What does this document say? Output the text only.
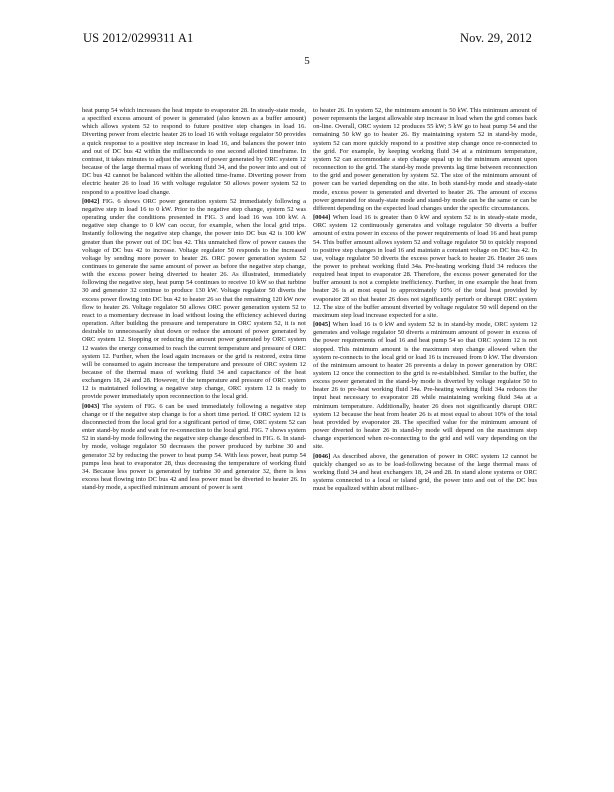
US 2012/0299311 A1	Nov. 29, 2012
5

heat pump 54 which increases the heat impute to evaporator 28. In steady-state mode, a specified excess amount of power is generated (also known as a buffer amount) which allows system 52 to respond to future positive step changes in load 16. Diverting power from electric heater 26 to load 16 with voltage regulator 50 provides a quick response to a positive step increase in load 16, and balances the power into and out of DC bus 42 within the milliseconds to one second allotted timeframe. In contrast, it takes minutes to adjust the amount of power generated by ORC system 12 because of the large thermal mass of working fluid 34, and the power into and out of DC bus 42 cannot be balanced within the allotted time-frame. Diverting power from electric heater 26 to load 16 with voltage regulator 50 allows power system 52 to respond to a positive load change.

[0042] FIG. 6 shows ORC power generation system 52 immediately following a negative step in load 16 to 0 kW. Prior to the negative step change, system 52 was operating under the conditions presented in FIG. 3 and load 16 was 100 kW. A negative step change to 0 kW can occur, for example, when the local grid trips. Instantly following the negative step change, the power into DC bus 42 is 100 kW greater than the power out of DC bus 42. This unmatched flow of power causes the voltage of DC bus 42 to increase. Voltage regulator 50 responds to the increased voltage by sending more power to heater 26. ORC power generation system 52 continues to generate the same amount of power as before the negative step change, with the excess power being diverted to heater 26. As illustrated, immediately following the negative step, heat pump 54 continues to receive 10 kW so that turbine 30 and generator 32 continue to produce 130 kW. Voltage regulator 50 diverts the excess power flowing into DC bus 42 to heater 26 so that the remaining 120 kW now flow to heater 26. Voltage regulator 50 allows ORC power generation system 52 to react to a momentary decrease in load without losing the efficiency achieved during operation. After building the pressure and temperature in ORC system 52, it is not desirable to unnecessarily shut down or reduce the amount of power generated by ORC system 12. Stopping or reducing the amount power generated by ORC system 12 wastes the energy consumed to reach the current temperature and pressure of ORC system 12. Further, when the load again increases or the grid is restored, extra time will be consumed to again increase the temperature and pressure of ORC system 12 because of the thermal mass of working fluid 34 and capacitance of the heat exchangers 18, 24 and 28. However, if the temperature and pressure of ORC system 12 is maintained following a negative step change, ORC system 12 is ready to provide power immediately upon reconnection to the local grid.

[0043] The system of FIG. 6 can be used immediately following a negative step change or if the negative step change is for a short time period. If ORC system 12 is disconnected from the local grid for a significant period of time, ORC system 52 can enter stand-by mode and wait for re-connection to the local grid. FIG. 7 shows system 52 in stand-by mode following the negative step change described in FIG. 6. In stand-by mode, voltage regulator 50 decreases the power produced by turbine 30 and generator 32 by reducing the power to heat pump 54. With less power, heat pump 54 pumps less heat to evaporator 28, thus decreasing the temperature of working fluid 34. Because less power is generated by turbine 30 and generator 32, there is less excess heat flowing into DC bus 42 and less power must be diverted to heater 26. In stand-by mode, a specified minimum amount of power is sent

to heater 26. In system 52, the minimum amount is 50 kW. This minimum amount of power represents the largest allowable step increase in load when the grid comes back on-line. Overall, ORC system 12 produces 55 kW; 5 kW go to heat pump 54 and the remaining 50 kW go to heater 26. By maintaining system 52 in stand-by mode, system 52 can more quickly respond to a positive step change once re-connected to the grid. For example, by keeping working fluid 34 at a minimum temperature, system 52 can accommodate a step change equal up to the minimum amount upon reconnection to the grid. The stand-by mode prevents lag time between reconnection to the grid and power generation by system 52. The size of the minimum amount of power can be varied depending on the site. In both stand-by mode and steady-state mode, excess power is generated and diverted to heater 26. The amount of excess power generated for steady-state mode and stand-by mode can be the same or can be different depending on the expected load changes under the specific circumstances.

[0044] When load 16 is greater than 0 kW and system 52 is in steady-state mode, ORC system 12 continuously generates and voltage regulator 50 diverts a buffer amount of extra power in excess of the power requirements of load 16 and heat pump 54. This buffer amount allows system 52 and voltage regulator 50 to quickly respond to positive step changes in load 16 and maintain a constant voltage on DC bus 42. In use, voltage regulator 50 diverts the excess power back to heater 26. Heater 26 uses the power to preheat working fluid 34a. Pre-heating working fluid 34 reduces the required heat input to evaporator 28. Therefore, the excess power generated for the buffer amount is not a complete inefficiency. Further, in one example the heat from heater 26 is at most equal to approximately 10% of the total heat provided by evaporator 28 so that heater 26 does not significantly perturb or disrupt ORC system 12. The size of the buffer amount diverted by voltage regulator 50 will depend on the maximum step load increase expected for a site.

[0045] When load 16 is 0 kW and system 52 is in stand-by mode, ORC system 12 generates and voltage regulator 50 diverts a minimum amount of power in excess of the power requirements of load 16 and heat pump 54 so that ORC system 12 is not stopped. This minimum amount is the maximum step change allowed when the system re-connects to the local grid or load 16 is increased from 0 kW. The diversion of the minimum amount to heater 26 prevents a delay in power generation by ORC system 12 once the connection to the grid is re-established. Similar to the buffer, the excess power generated in the stand-by mode is diverted by voltage regulator 50 to heater 26 to pre-heat working fluid 34a. Pre-heating working fluid 34a reduces the input heat necessary to evaporator 28 while maintaining working fluid 34a at a minimum temperature. Additionally, heater 26 does not significantly disrupt ORC system 12 because the heat from heater 26 is at most equal to about 10% of the total heat provided by evaporator 28. The specified value for the minimum amount of power diverted to heater 26 in stand-by mode will depend on the maximum step change experienced when re-connecting to the grid and will vary depending on the site.

[0046] As described above, the generation of power in ORC system 12 cannot be quickly changed so as to be load-following because of the large thermal mass of working fluid 34 and heat exchangers 18, 24 and 28. In stand alone systems or ORC systems connected to a local or island grid, the power into and out of the DC bus must be equalized within about millisec-
